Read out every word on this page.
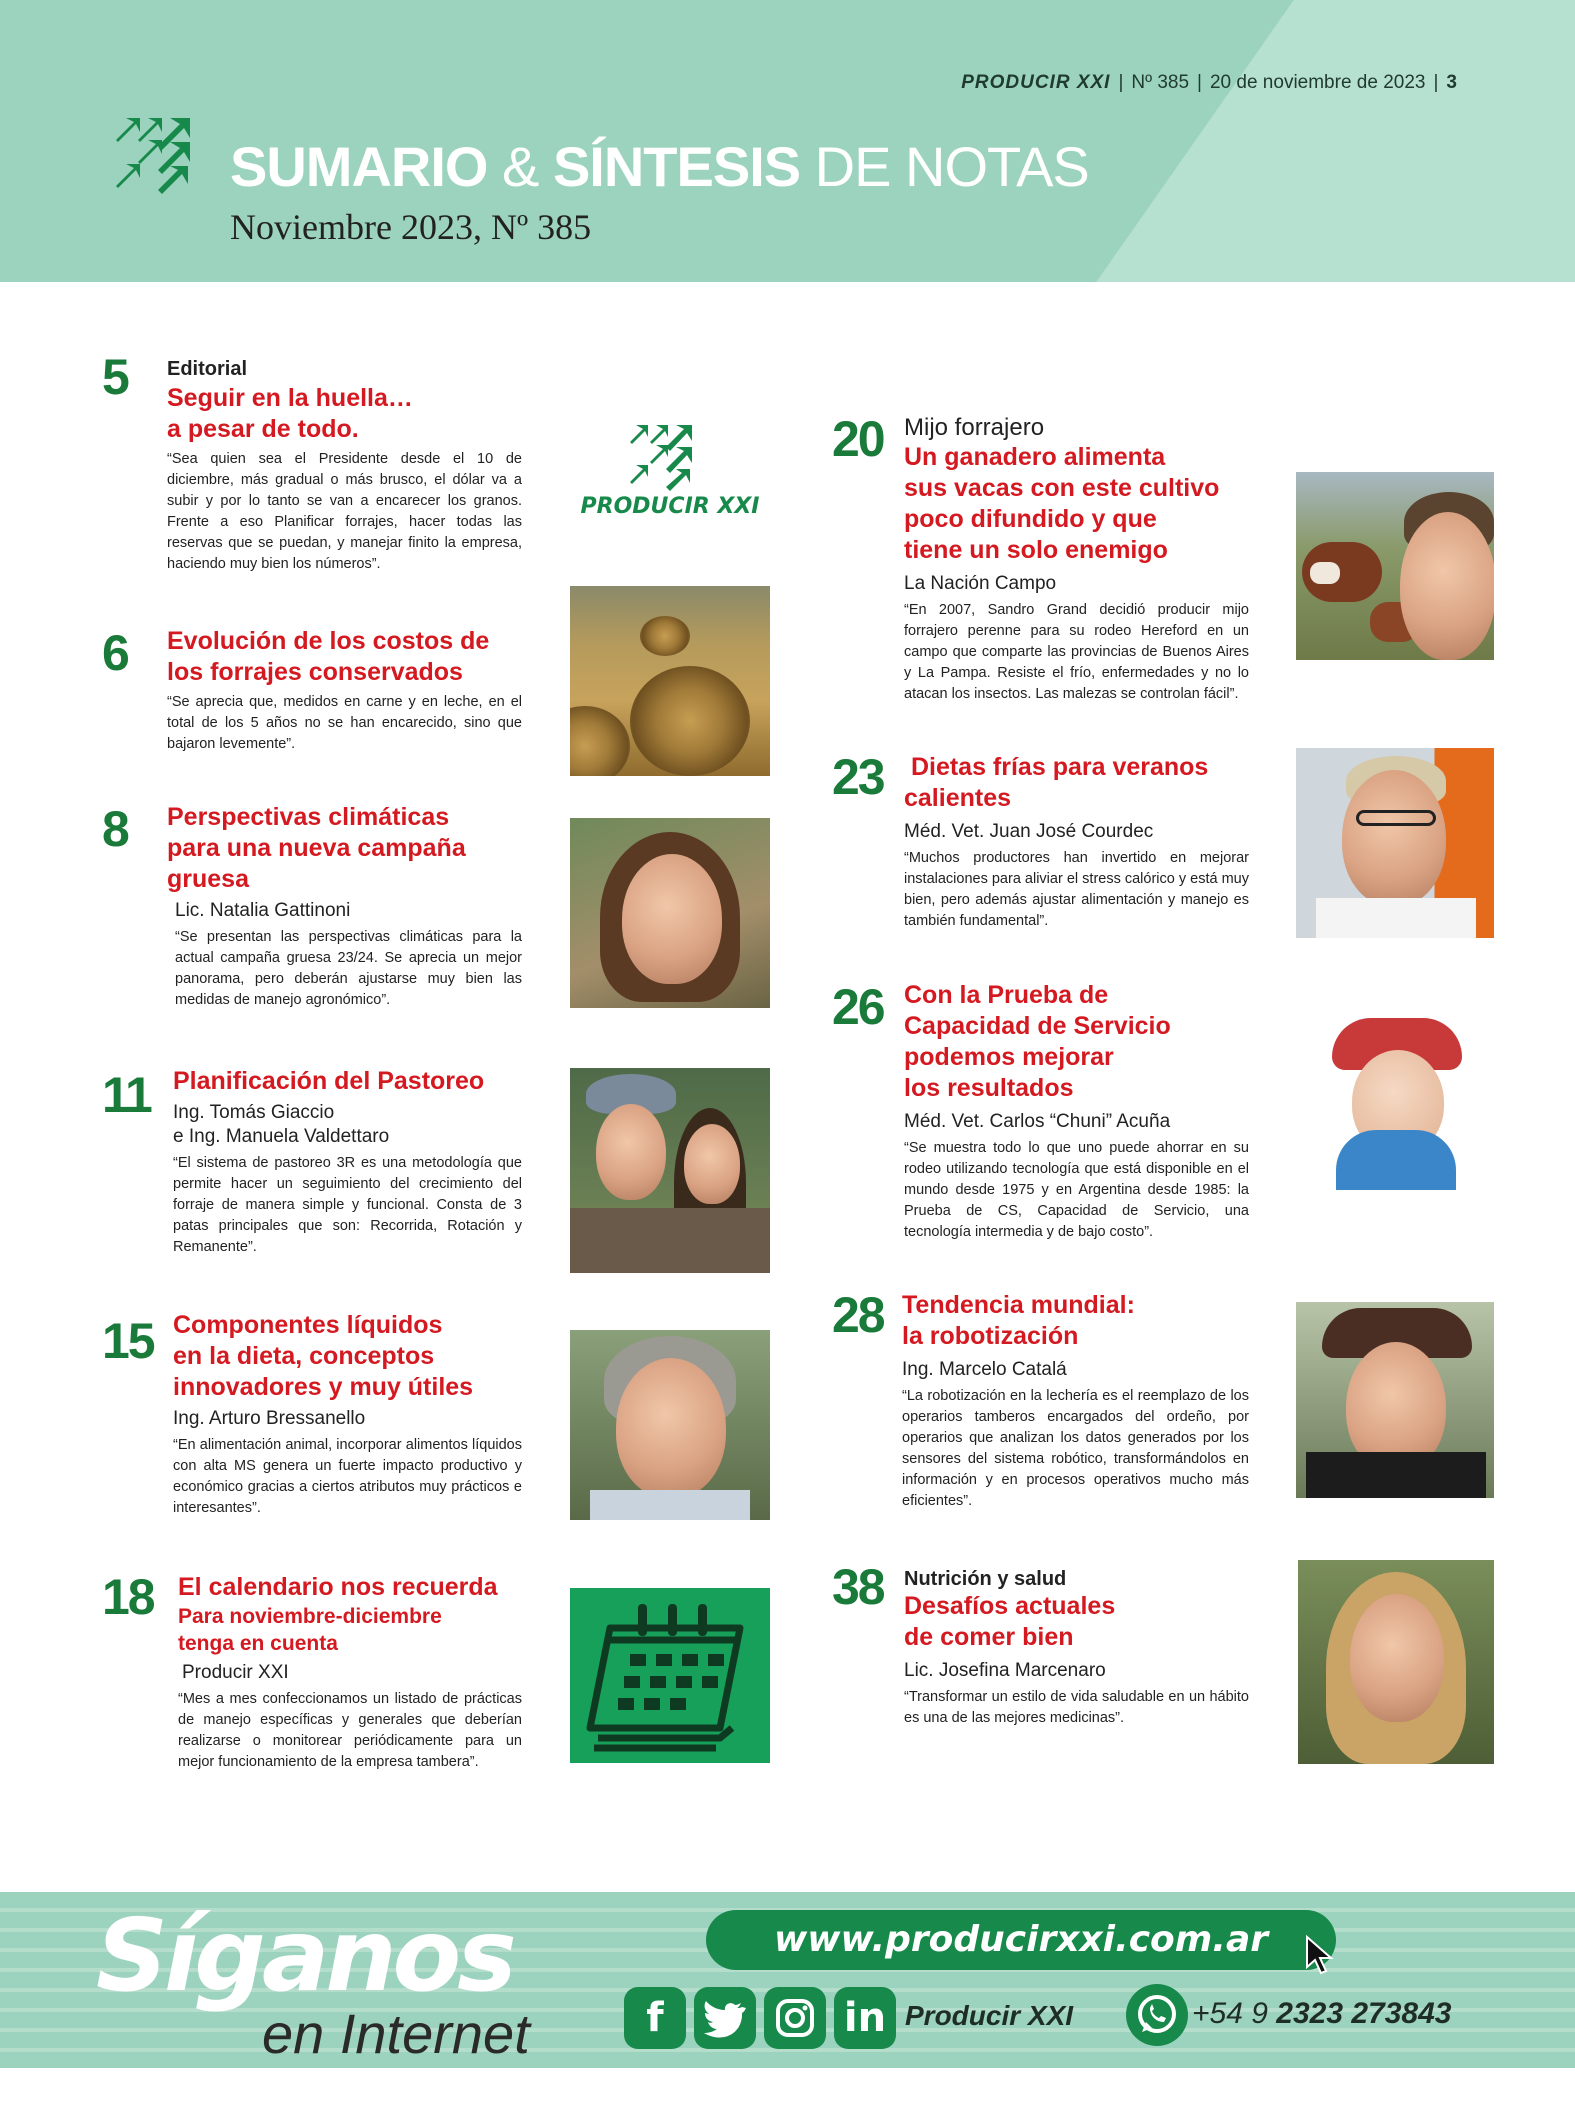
PRODUCIR XXI | Nº 385 | 20 de noviembre de 2023 | 3
SUMARIO & SÍNTESIS DE NOTAS
Noviembre 2023, Nº 385
5 Editorial
Seguir en la huella…
a pesar de todo.
“Sea quien sea el Presidente desde el 10 de diciembre, más gradual o más brusco, el dólar va a subir y por lo tanto se van a encarecer los granos. Frente a eso Planificar forrajes, hacer todas las reservas que se puedan, y manejar finito la empresa, haciendo muy bien los números”.
6 Evolución de los costos de
los forrajes conservados
“Se aprecia que, medidos en carne y en leche, en el total de los 5 años no se han encarecido, sino que bajaron levemente”.
8 Perspectivas climáticas
para una nueva campaña
gruesa
Lic. Natalia Gattinoni
“Se presentan las perspectivas climáticas para la actual campaña gruesa 23/24. Se aprecia un mejor panorama, pero deberán ajustarse muy bien las medidas de manejo agronómico”.
11 Planificación del Pastoreo
Ing. Tomás Giaccio
e Ing. Manuela Valdettaro
“El sistema de pastoreo 3R es una metodología que permite hacer un seguimiento del crecimiento del forraje de manera simple y funcional. Consta de 3 patas principales que son: Recorrida, Rotación y Remanente”.
15 Componentes líquidos
en la dieta, conceptos
innovadores y muy útiles
Ing. Arturo Bressanello
“En alimentación animal, incorporar alimentos líquidos con alta MS genera un fuerte impacto productivo y económico gracias a ciertos atributos muy prácticos e interesantes”.
18 El calendario nos recuerda
Para noviembre-diciembre
tenga en cuenta
Producir XXI
“Mes a mes confeccionamos un listado de prácticas de manejo específicas y generales que deberían realizarse o monitorear periódicamente para un mejor funcionamiento de la empresa tambera”.
PRODUCIR XXI
20 Mijo forrajero
Un ganadero alimenta
sus vacas con este cultivo
poco difundido y que
tiene un solo enemigo
La Nación Campo
“En 2007, Sandro Grand decidió producir mijo forrajero perenne para su rodeo Hereford en un campo que comparte las provincias de Buenos Aires y La Pampa. Resiste el frío, enfermedades y no lo atacan los insectos. Las malezas se controlan fácil”.
23 Dietas frías para veranos
calientes
Méd. Vet. Juan José Courdec
“Muchos productores han invertido en mejorar instalaciones para aliviar el stress calórico y está muy bien, pero además ajustar alimentación y manejo es también fundamental”.
26 Con la Prueba de
Capacidad de Servicio
podemos mejorar
los resultados
Méd. Vet. Carlos “Chuni” Acuña
“Se muestra todo lo que uno puede ahorrar en su rodeo utilizando tecnología que está disponible en el mundo desde 1975 y en Argentina desde 1985: la Prueba de CS, Capacidad de Servicio, una tecnología intermedia y de bajo costo”.
28 Tendencia mundial:
la robotización
Ing. Marcelo Catalá
“La robotización en la lechería es el reemplazo de los operarios tamberos encargados del ordeño, por operarios que analizan los datos generados por los sensores del sistema robótico, transformándolos en información y en procesos operativos mucho más eficientes”.
38 Nutrición y salud
Desafíos actuales
de comer bien
Lic. Josefina Marcenaro
“Transformar un estilo de vida saludable en un hábito es una de las mejores medicinas”.
Síganos
en Internet
www.producirxxi.com.ar
f	in Producir XXI	+54 9 2323 273843
